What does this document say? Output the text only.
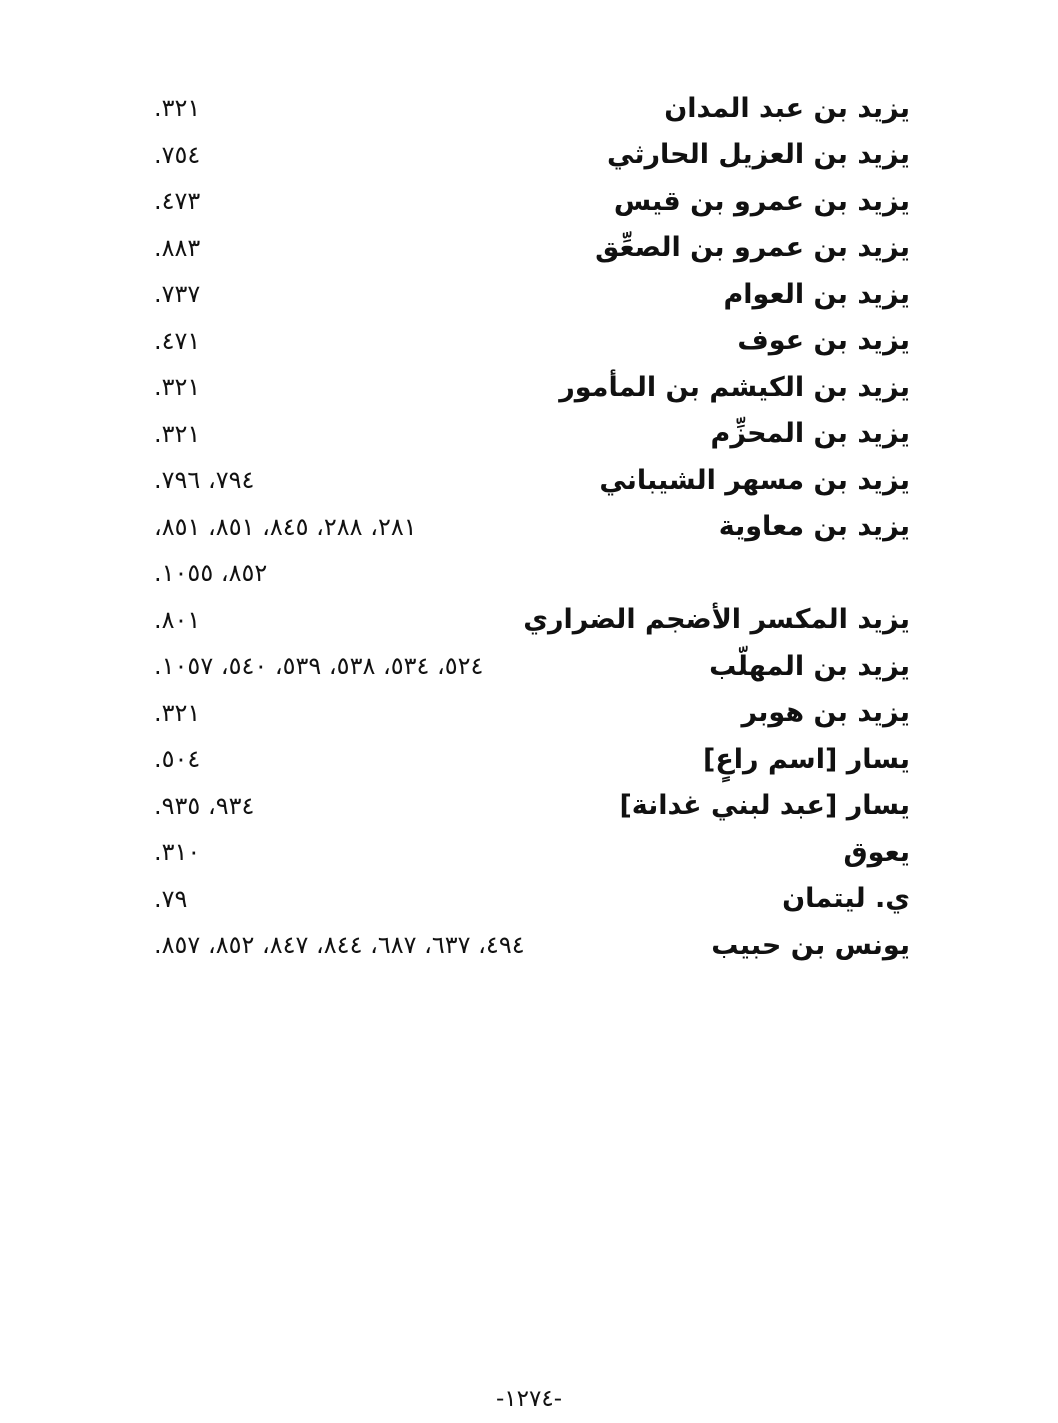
يزيد بن عبد المدان
٣٢١.
يزيد بن العزيل الحارثي
٧٥٤.
يزيد بن عمرو بن قيس
٤٧٣.
يزيد بن عمرو بن الصعِّق
٨٨٣.
يزيد بن العوام
٧٣٧.
يزيد بن عوف
٤٧١.
يزيد بن الكيشم بن المأمور
٣٢١.
يزيد بن المحزِّم
٣٢١.
يزيد بن مسهر الشيباني
٧٩٤، ٧٩٦.
يزيد بن معاوية
٢٨١، ٢٨٨، ٨٤٥، ٨٥١، ٨٥١،
٨٥٢، ١٠٥٥.
يزيد المكسر الأضجم الضراري
٨٠١.
يزيد بن المهلّب
٥٢٤، ٥٣٤، ٥٣٨، ٥٣٩، ٥٤٠، ١٠٥٧.
يزيد بن هوبر
٣٢١.
يسار [اسم راعٍ]
٥٠٤.
يسار [عبد لبني غدانة]
٩٣٤، ٩٣٥.
يعوق
٣١٠.
ي. ليتمان
٧٩.
يونس بن حبيب
٤٩٤، ٦٣٧، ٦٨٧، ٨٤٤، ٨٤٧، ٨٥٢، ٨٥٧.
-١٢٧٤-
